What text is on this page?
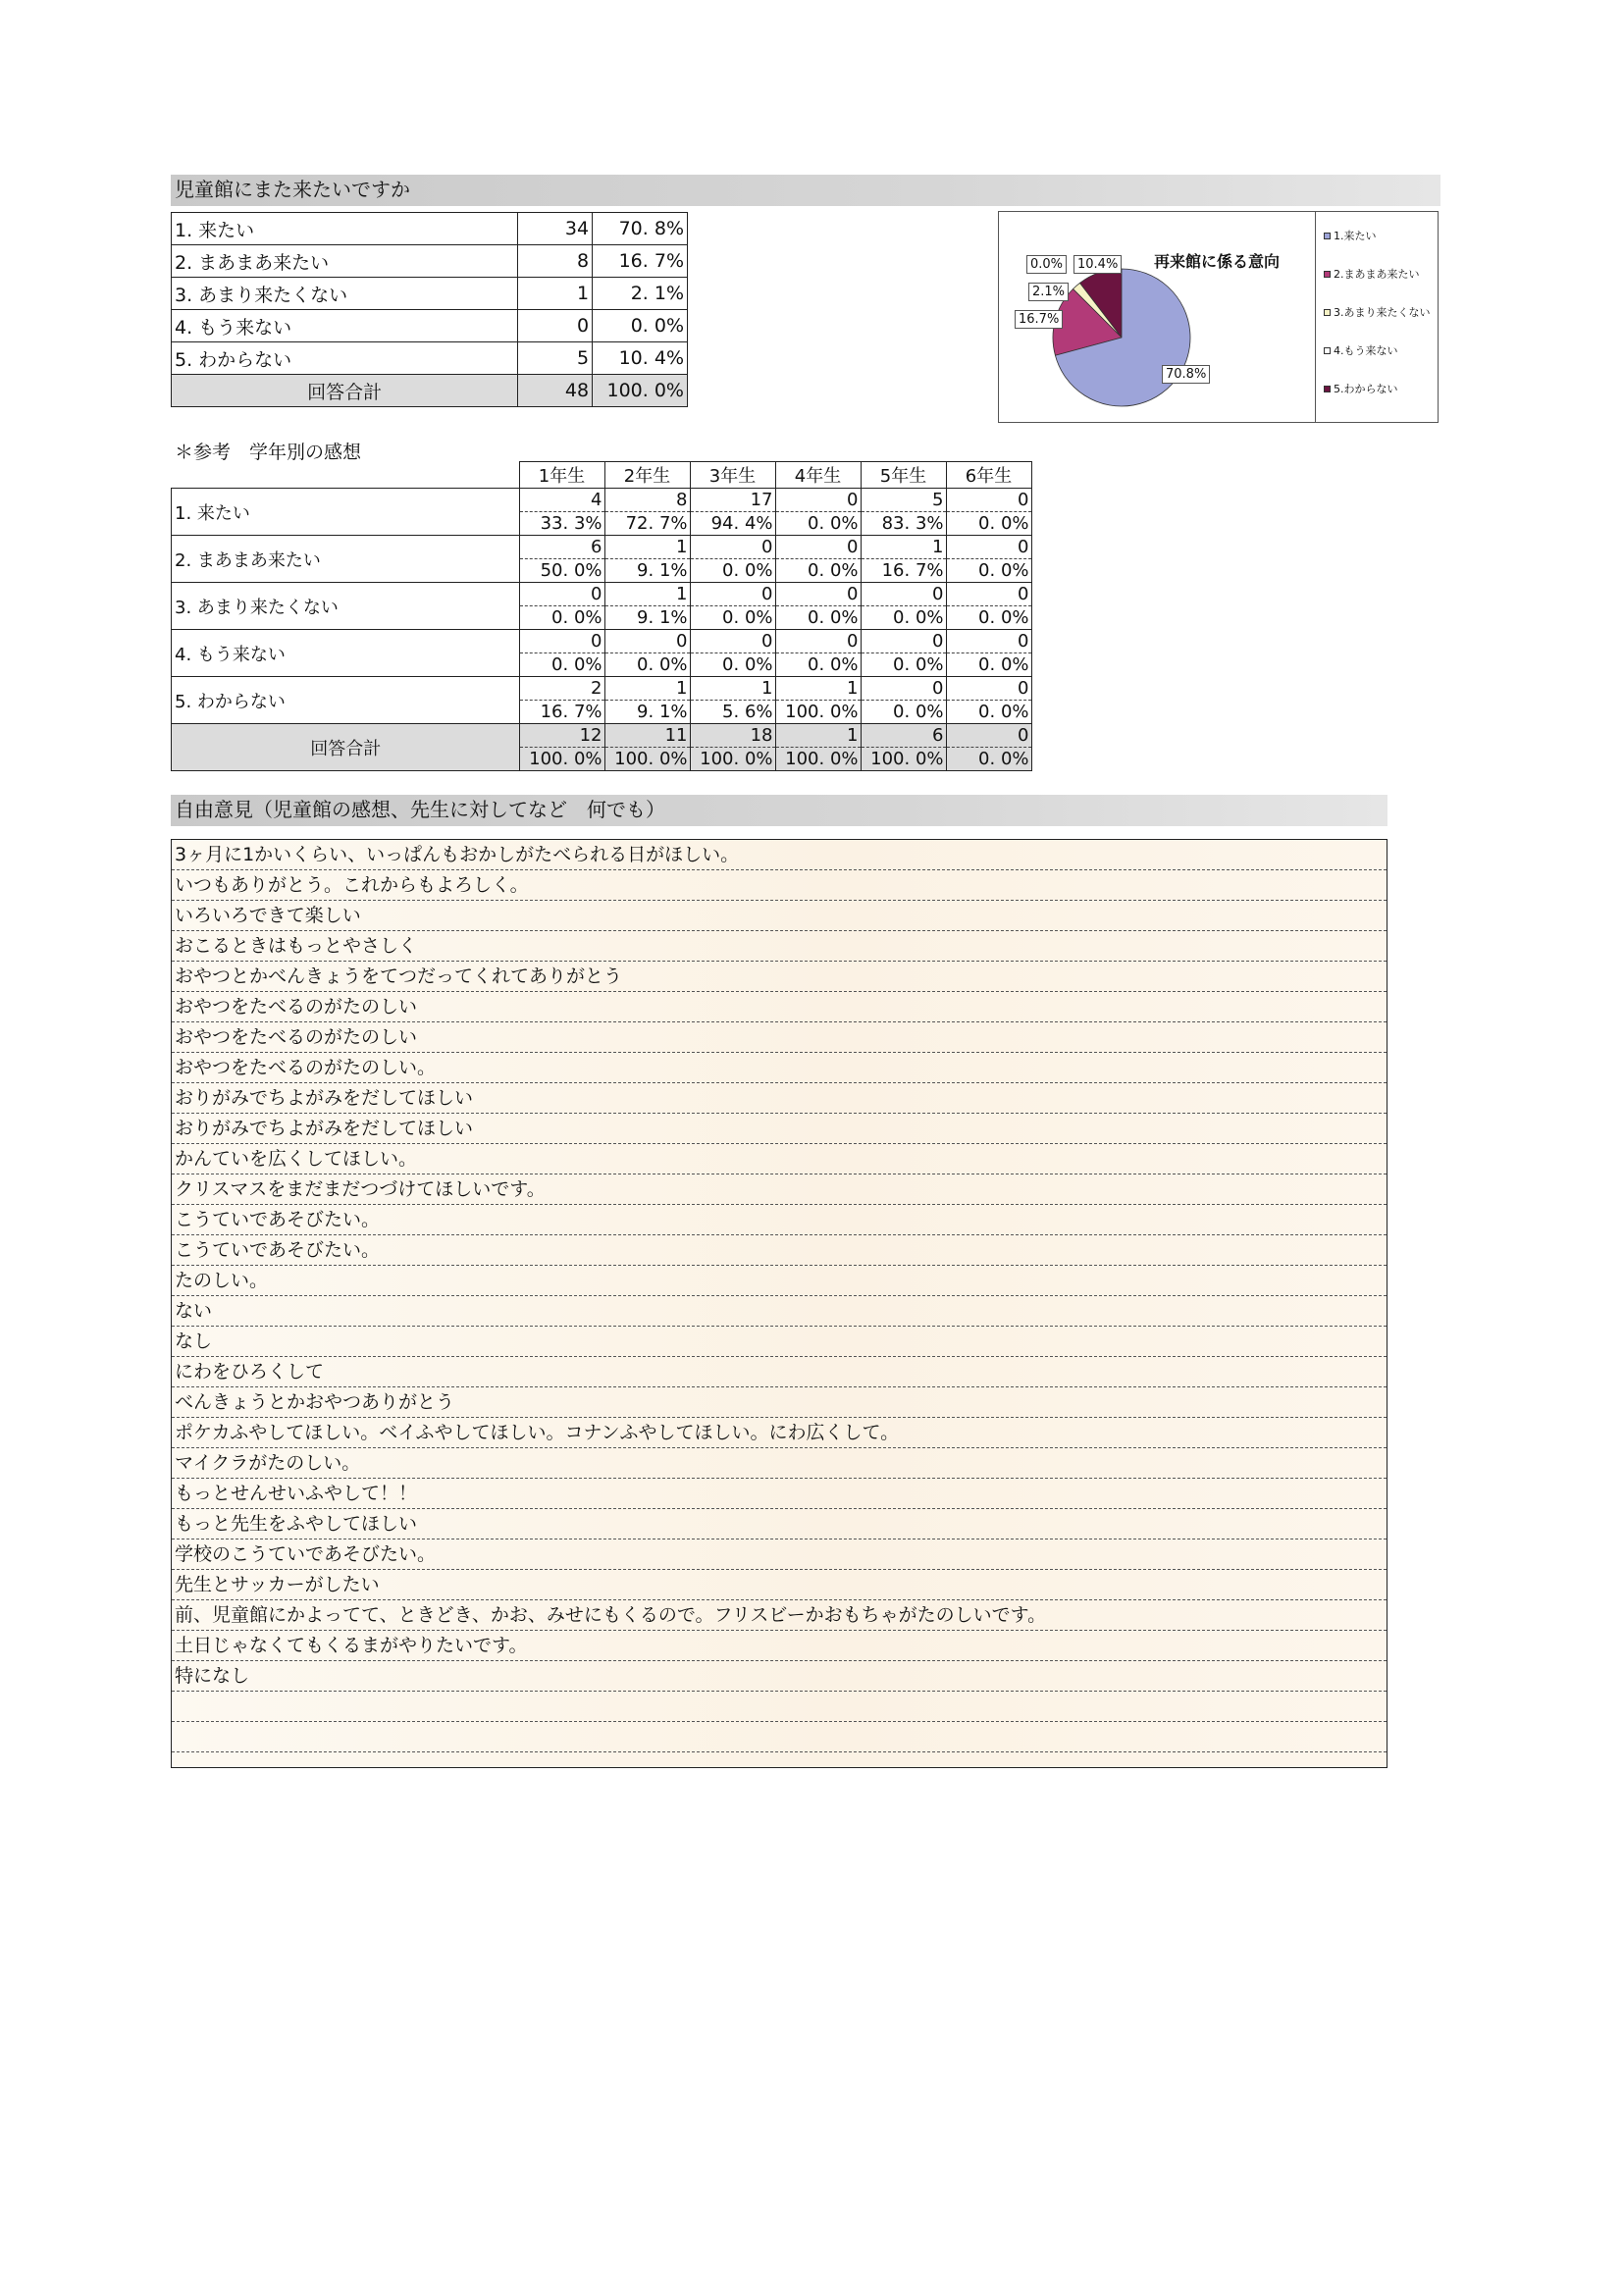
児童館にまた来たいですか
1. 来たい	34	70. 8%
2. まあまあ来たい	8	16. 7%
3. あまり来たくない	1	2. 1%
4. もう来ない	0	0. 0%
5. わからない	5	10. 4%
回答合計	48	100. 0%
再来館に係る意向
70.8%
16.7%
2.1%
0.0%	10.4%
1.来たい
2.まあまあ来たい
3.あまり来たくない
4.もう来ない
5.わからない
＊参考　学年別の感想
	1年生	2年生	3年生	4年生	5年生	6年生
1. 来たい	4	8	17	0	5	0
	33. 3%	72. 7%	94. 4%	0. 0%	83. 3%	0. 0%
2. まあまあ来たい	6	1	0	0	1	0
	50. 0%	9. 1%	0. 0%	0. 0%	16. 7%	0. 0%
3. あまり来たくない	0	1	0	0	0	0
	0. 0%	9. 1%	0. 0%	0. 0%	0. 0%	0. 0%
4. もう来ない	0	0	0	0	0	0
	0. 0%	0. 0%	0. 0%	0. 0%	0. 0%	0. 0%
5. わからない	2	1	1	1	0	0
	16. 7%	9. 1%	5. 6%	100. 0%	0. 0%	0. 0%
回答合計	12	11	18	1	6	0
	100. 0%	100. 0%	100. 0%	100. 0%	100. 0%	0. 0%
自由意見（児童館の感想、先生に対してなど　何でも）
3ヶ月に1かいくらい、いっぱんもおかしがたべられる日がほしい。
いつもありがとう。これからもよろしく。
いろいろできて楽しい
おこるときはもっとやさしく
おやつとかべんきょうをてつだってくれてありがとう
おやつをたべるのがたのしい
おやつをたべるのがたのしい
おやつをたべるのがたのしい。
おりがみでちよがみをだしてほしい
おりがみでちよがみをだしてほしい
かんていを広くしてほしい。
クリスマスをまだまだつづけてほしいです。
こうていであそびたい。
こうていであそびたい。
たのしい。
ない
なし
にわをひろくして
べんきょうとかおやつありがとう
ポケカふやしてほしい。ベイふやしてほしい。コナンふやしてほしい。にわ広くして。
マイクラがたのしい。
もっとせんせいふやして！！
もっと先生をふやしてほしい
学校のこうていであそびたい。
先生とサッカーがしたい
前、児童館にかよってて、ときどき、かお、みせにもくるので。フリスビーかおもちゃがたのしいです。
土日じゃなくてもくるまがやりたいです。
特になし
